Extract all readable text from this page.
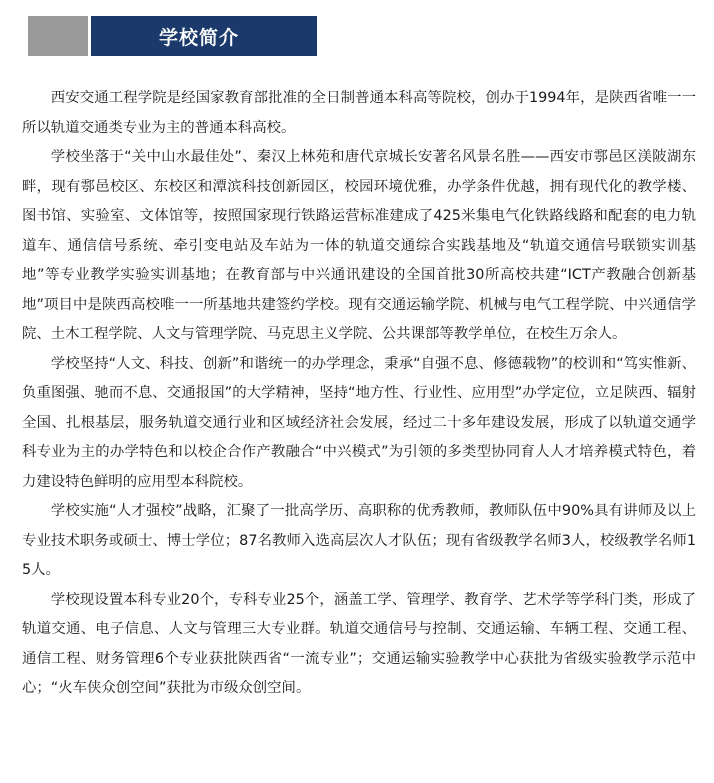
学校简介

西安交通工程学院是经国家教育部批准的全日制普通本科高等院校，创办于1994年，是陕西省唯一一所以轨道交通类专业为主的普通本科高校。

学校坐落于“关中山水最佳处”、秦汉上林苑和唐代京城长安著名风景名胜——西安市鄠邑区渼陂湖东畔，现有鄠邑校区、东校区和潭滨科技创新园区，校园环境优雅，办学条件优越，拥有现代化的教学楼、图书馆、实验室、文体馆等，按照国家现行铁路运营标准建成了425米集电气化铁路线路和配套的电力轨道车、通信信号系统、牵引变电站及车站为一体的轨道交通综合实践基地及“轨道交通信号联锁实训基地”等专业教学实验实训基地；在教育部与中兴通讯建设的全国首批30所高校共建“ICT产教融合创新基地”项目中是陕西高校唯一一所基地共建签约学校。现有交通运输学院、机械与电气工程学院、中兴通信学院、土木工程学院、人文与管理学院、马克思主义学院、公共课部等教学单位，在校生万余人。

学校坚持“人文、科技、创新”和谐统一的办学理念，秉承“自强不息、修德载物”的校训和“笃实惟新、负重图强、驰而不息、交通报国”的大学精神，坚持“地方性、行业性、应用型”办学定位，立足陕西、辐射全国、扎根基层，服务轨道交通行业和区域经济社会发展，经过二十多年建设发展，形成了以轨道交通学科专业为主的办学特色和以校企合作产教融合“中兴模式”为引领的多类型协同育人人才培养模式特色，着力建设特色鲜明的应用型本科院校。

学校实施“人才强校”战略，汇聚了一批高学历、高职称的优秀教师，教师队伍中90%具有讲师及以上专业技术职务或硕士、博士学位；87名教师入选高层次人才队伍；现有省级教学名师3人，校级教学名师15人。

学校现设置本科专业20个，专科专业25个，涵盖工学、管理学、教育学、艺术学等学科门类，形成了轨道交通、电子信息、人文与管理三大专业群。轨道交通信号与控制、交通运输、车辆工程、交通工程、通信工程、财务管理6个专业获批陕西省“一流专业”；交通运输实验教学中心获批为省级实验教学示范中心；“火车侠众创空间”获批为市级众创空间。
